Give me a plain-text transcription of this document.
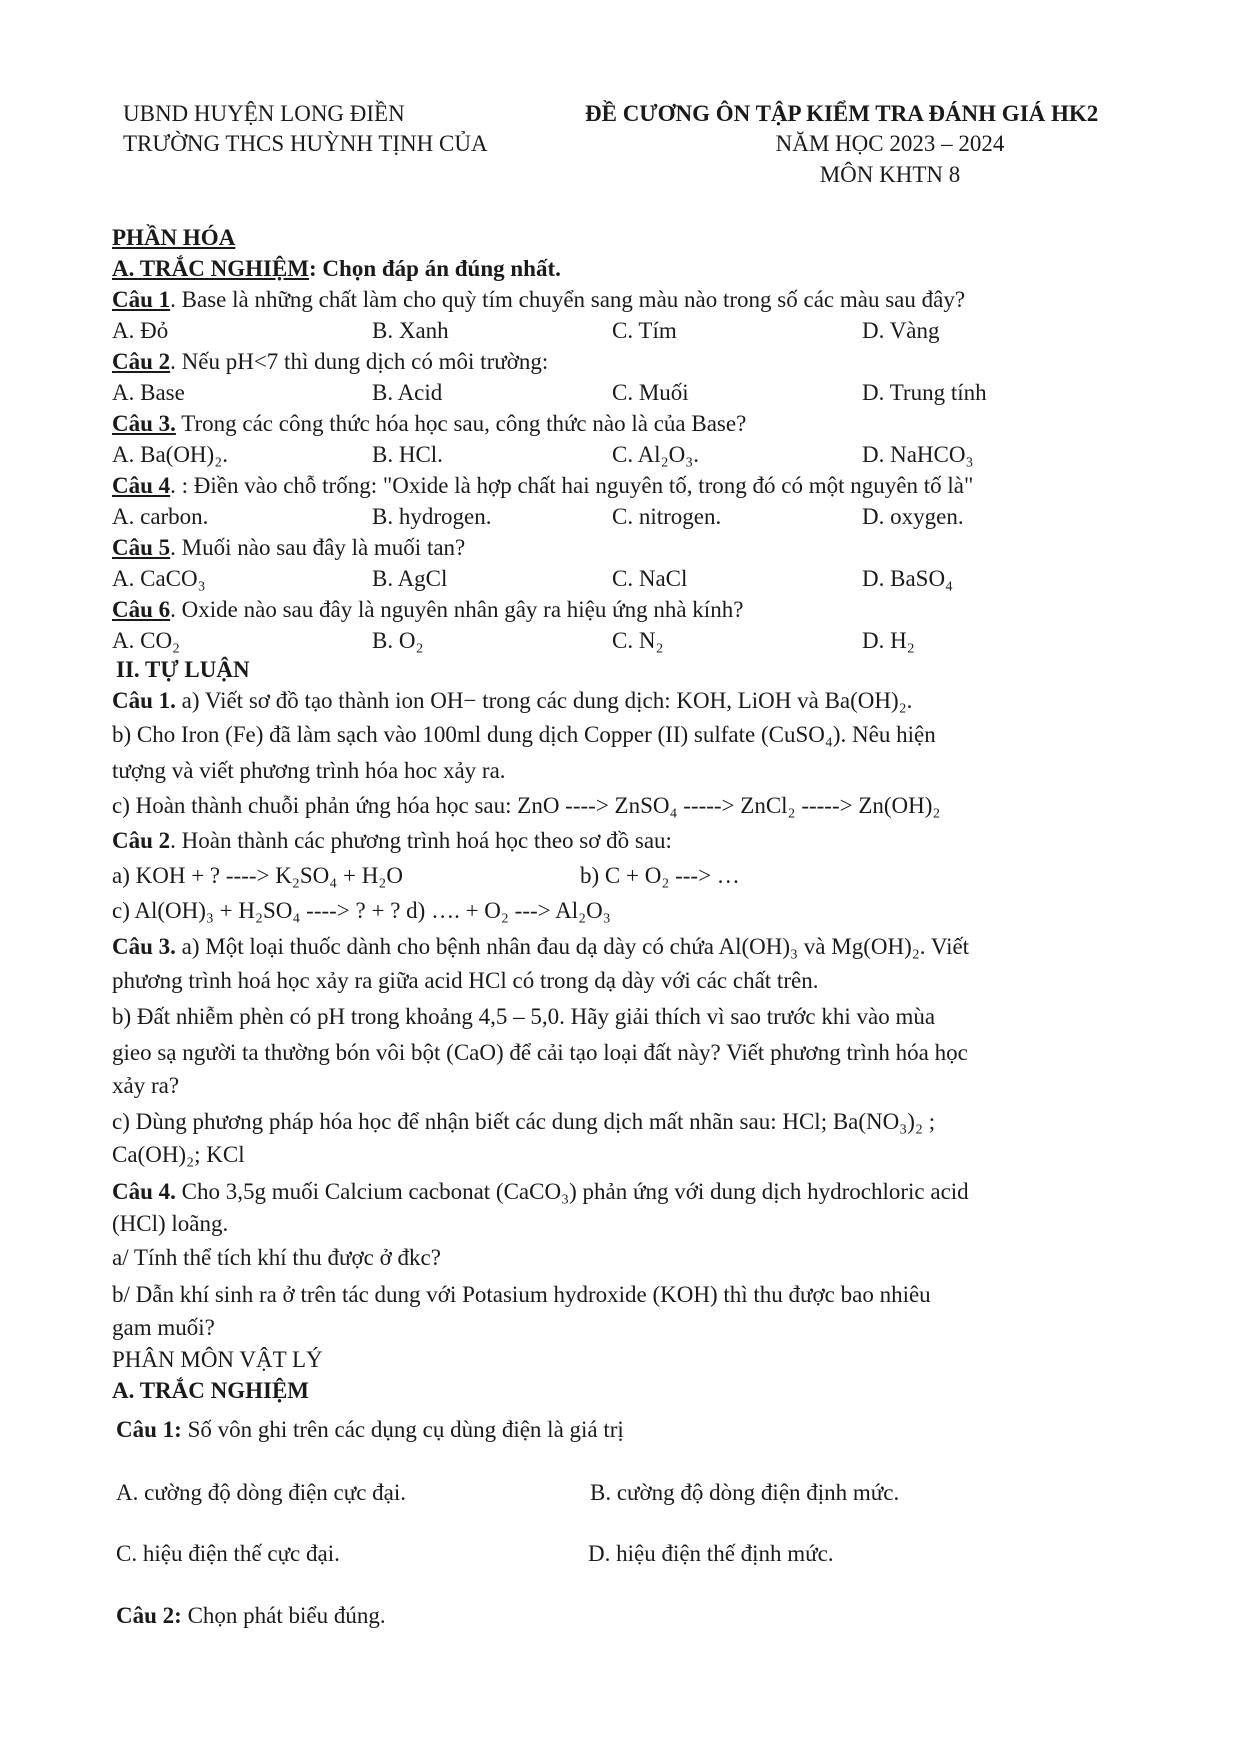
UBND HUYỆN LONG ĐIỀN
TRƯỜNG THCS HUỲNH TỊNH CỦA
ĐỀ CƯƠNG ÔN TẬP KIỂM TRA ĐÁNH GIÁ HK2
NĂM HỌC 2023 – 2024
MÔN KHTN 8
PHẦN HÓA
A. TRẮC NGHIỆM: Chọn đáp án đúng nhất.
Câu 1. Base là những chất làm cho quỳ tím chuyển sang màu nào trong số các màu sau đây?
A. Đỏ	B. Xanh	C. Tím	D. Vàng
Câu 2. Nếu pH<7 thì dung dịch có môi trường:
A. Base	B. Acid	C. Muối	D. Trung tính
Câu 3. Trong các công thức hóa học sau, công thức nào là của Base?
A. Ba(OH)₂.	B. HCl.	C. Al₂O₃.	D. NaHCO₃
Câu 4. : Điền vào chỗ trống: "Oxide là hợp chất hai nguyên tố, trong đó có một nguyên tố là"
A. carbon.	B. hydrogen.	C. nitrogen.	D. oxygen.
Câu 5. Muối nào sau đây là muối tan?
A. CaCO₃	B. AgCl	C. NaCl	D. BaSO₄
Câu 6. Oxide nào sau đây là nguyên nhân gây ra hiệu ứng nhà kính?
A. CO₂	B. O₂	C. N₂	D. H₂
II. TỰ LUẬN
Câu 1. a) Viết sơ đồ tạo thành ion OH− trong các dung dịch: KOH, LiOH và Ba(OH)₂.
b) Cho Iron (Fe) đã làm sạch vào 100ml dung dịch Copper (II) sulfate (CuSO₄). Nêu hiện
tượng và viết phương trình hóa hoc xảy ra.
c) Hoàn thành chuỗi phản ứng hóa học sau: ZnO ----> ZnSO₄ -----> ZnCl₂ -----> Zn(OH)₂
Câu 2. Hoàn thành các phương trình hoá học theo sơ đồ sau:
a) KOH + ? ----> K₂SO₄ + H₂O	b) C + O₂ ---> …
c) Al(OH)₃ + H₂SO₄ ----> ? + ? d) …. + O₂ ---> Al₂O₃
Câu 3. a) Một loại thuốc dành cho bệnh nhân đau dạ dày có chứa Al(OH)₃ và Mg(OH)₂. Viết
phương trình hoá học xảy ra giữa acid HCl có trong dạ dày với các chất trên.
b) Đất nhiễm phèn có pH trong khoảng 4,5 – 5,0. Hãy giải thích vì sao trước khi vào mùa
gieo sạ người ta thường bón vôi bột (CaO) để cải tạo loại đất này? Viết phương trình hóa học
xảy ra?
c) Dùng phương pháp hóa học để nhận biết các dung dịch mất nhãn sau: HCl; Ba(NO₃)₂ ;
Ca(OH)₂; KCl
Câu 4. Cho 3,5g muối Calcium cacbonat (CaCO₃) phản ứng với dung dịch hydrochloric acid
(HCl) loãng.
a/ Tính thể tích khí thu được ở đkc?
b/ Dẫn khí sinh ra ở trên tác dung với Potasium hydroxide (KOH) thì thu được bao nhiêu
gam muối?
PHÂN MÔN VẬT LÝ
A. TRẮC NGHIỆM
Câu 1: Số vôn ghi trên các dụng cụ dùng điện là giá trị
A. cường độ dòng điện cực đại.	B. cường độ dòng điện định mức.
C. hiệu điện thế cực đại.	D. hiệu điện thế định mức.
Câu 2: Chọn phát biểu đúng.
